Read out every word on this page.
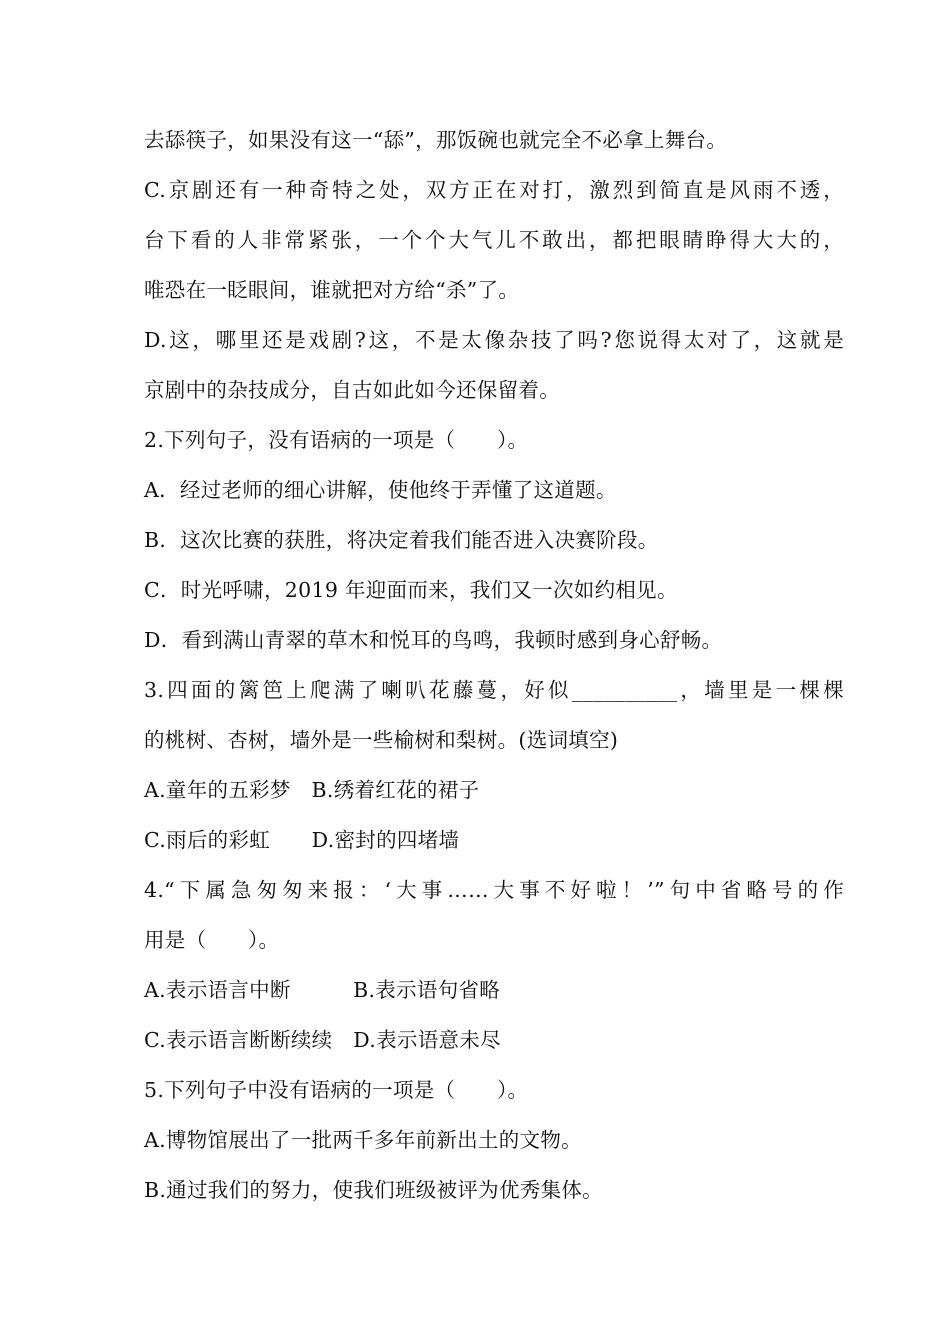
去舔筷子，如果没有这一“舔”，那饭碗也就完全不必拿上舞台。
C.京剧还有一种奇特之处，双方正在对打，激烈到简直是风雨不透，
台下看的人非常紧张，一个个大气儿不敢出，都把眼睛睁得大大的，
唯恐在一眨眼间，谁就把对方给“杀”了。
D.这，哪里还是戏剧?这，不是太像杂技了吗?您说得太对了，这就是
京剧中的杂技成分，自古如此如今还保留着。
2.下列句子，没有语病的一项是（　　）。
A．经过老师的细心讲解，使他终于弄懂了这道题。
B．这次比赛的获胜，将决定着我们能否进入决赛阶段。
C．时光呼啸，2019 年迎面而来，我们又一次如约相见。
D．看到满山青翠的草木和悦耳的鸟鸣，我顿时感到身心舒畅。
3.四面的篱笆上爬满了喇叭花藤蔓，好似__________，墙里是一棵棵
的桃树、杏树，墙外是一些榆树和梨树。(选词填空)
A.童年的五彩梦　B.绣着红花的裙子
C.雨后的彩虹　　D.密封的四堵墙
4.“下属急匆匆来报：‘大事……大事不好啦！’”句中省略号的作
用是（　　）。
A.表示语言中断　　　B.表示语句省略
C.表示语言断断续续　D.表示语意未尽
5.下列句子中没有语病的一项是（　　）。
A.博物馆展出了一批两千多年前新出土的文物。
B.通过我们的努力，使我们班级被评为优秀集体。
